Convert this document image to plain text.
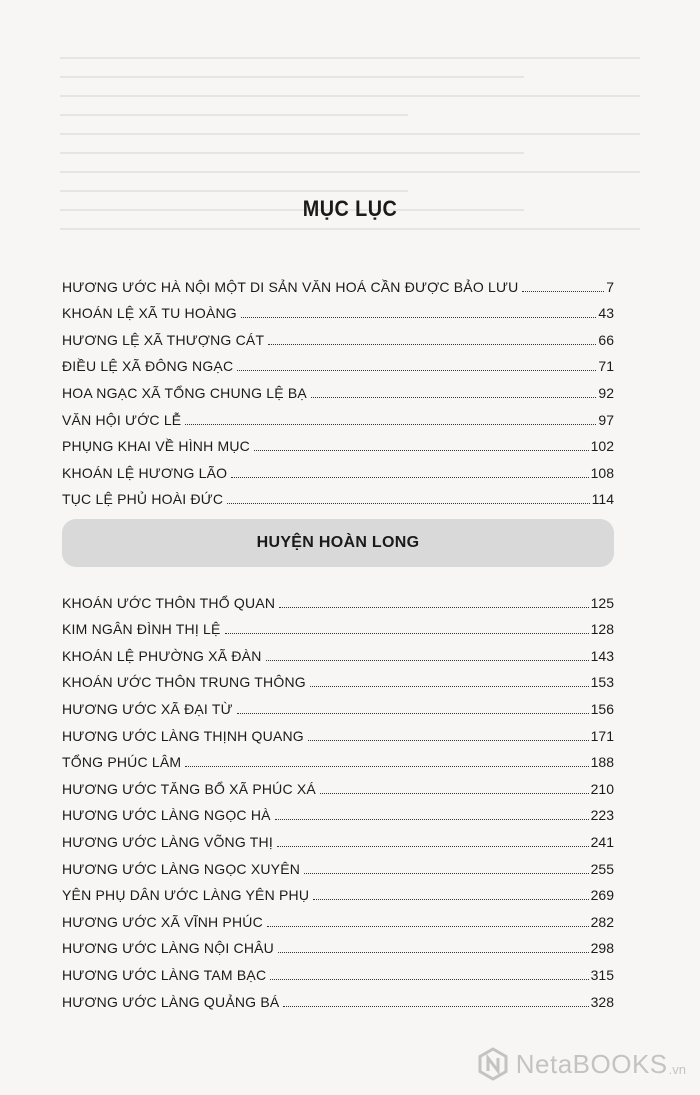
MỤC LỤC
HƯƠNG ƯỚC HÀ NỘI MỘT DI SẢN VĂN HOÁ CẦN ĐƯỢC BẢO LƯU	7
KHOÁN LỆ XÃ TU HOÀNG	43
HƯƠNG LỆ XÃ THƯỢNG CÁT	66
ĐIỀU LỆ XÃ ĐÔNG NGẠC	71
HOA NGẠC XÃ TỔNG CHUNG LỆ BẠ	92
VĂN HỘI ƯỚC LỄ	97
PHỤNG KHAI VỀ HÌNH MỤC	102
KHOÁN LỆ HƯƠNG LÃO	108
TỤC LỆ PHỦ HOÀI ĐỨC	114
HUYỆN HOÀN LONG
KHOÁN ƯỚC THÔN THỔ QUAN	125
KIM NGÂN ĐÌNH THỊ LỆ	128
KHOÁN LỆ PHƯỜNG XÃ ĐÀN	143
KHOÁN ƯỚC THÔN TRUNG THÔNG	153
HƯƠNG ƯỚC XÃ ĐẠI TỪ	156
HƯƠNG ƯỚC LÀNG THỊNH QUANG	171
TỔNG PHÚC LÂM	188
HƯƠNG ƯỚC TĂNG BỔ XÃ PHÚC XÁ	210
HƯƠNG ƯỚC LÀNG NGỌC HÀ	223
HƯƠNG ƯỚC LÀNG VÕNG THỊ	241
HƯƠNG ƯỚC LÀNG NGỌC XUYÊN	255
YÊN PHỤ DÂN ƯỚC LÀNG YÊN PHỤ	269
HƯƠNG ƯỚC XÃ VĨNH PHÚC	282
HƯƠNG ƯỚC LÀNG NỘI CHÂU	298
HƯƠNG ƯỚC LÀNG TAM BẠC	315
HƯƠNG ƯỚC LÀNG QUẢNG BÁ	328
NetaBOOKS .vn
